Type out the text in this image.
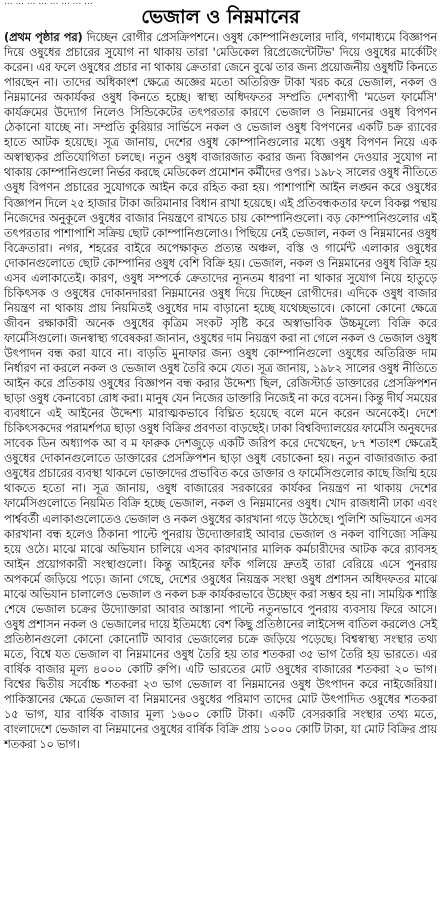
... ... ... ... ... ... ... ...
ভেজাল ও নিম্নমানের
(প্রথম পৃষ্ঠার পর) দিচ্ছেন রোগীর প্রেসক্রিপশনে। ওষুধ কোম্পানিগুলোর দাবি, গণমাধ্যমে বিজ্ঞাপন দিয়ে ওষুধের প্রচারের সুযোগ না থাকায় তারা 'মেডিকেল রিপ্রেজেন্টেটিভ' দিয়ে ওষুধের মার্কেটিং করেন। এর ফলে ওষুধের প্রচার না থাকায় ক্রেতারা জেনে বুঝে তার জন্য প্রয়োজনীয় ওষুধটি কিনতে পারছেন না। তাদের অধিকাংশ ক্ষেত্রে অজ্ঞের মতো অতিরিক্ত টাকা খরচ করে ভেজাল, নকল ও নিম্নমানের অকার্যকর ওষুধ কিনতে হচ্ছে। স্বাস্থ্য অধিদফতর সম্প্রতি দেশব্যাপী 'মডেল ফার্মেসি' কার্যক্রমের উদ্যোগ নিলেও সিন্ডিকেটের তৎপরতার কারণে ভেজাল ও নিম্নমানের ওষুধ বিপণন ঠেকানো যাচ্ছে না। সম্প্রতি কুরিয়ার সার্ভিসে নকল ও ভেজাল ওষুধ বিপণনের একটি চক্র র‌্যাবের হাতে আটক হয়েছে। সূত্র জানায়, দেশের ওষুধ কোম্পানিগুলোর মধ্যে ওষুধ বিপণন নিয়ে এক অস্বাস্থ্যকর প্রতিযোগিতা চলছে। নতুন ওষুধ বাজারজাত করার জন্য বিজ্ঞাপন দেওয়ার সুযোগ না থাকায় কোম্পানিগুলো নির্ভর করছে মেডিকেল প্রমোশন কর্মীদের ওপর। ১৯৮২ সালের ওষুধ নীতিতে ওষুধ বিপণন প্রচারের সুযোগকে আইন করে রহিত করা হয়। পাশাপাশি আইন লঙ্ঘন করে ওষুধের বিজ্ঞাপন দিলে ২৫ হাজার টাকা জরিমানার বিধান রাখা হয়েছে। এই প্রতিবন্ধকতার ফলে বিকল্প পন্থায় নিজেদের অনুকূলে ওষুধের বাজার নিয়ন্ত্রণে রাখতে চায় কোম্পানিগুলো। বড় কোম্পানিগুলোর এই তৎপরতার পাশাপাশি সক্রিয় ছোট কোম্পানিগুলোও। পিছিয়ে নেই ভেজাল, নকল ও নিম্নমানের ওষুধ বিক্রেতারা। নগর, শহরের বাইরে অপেক্ষাকৃত প্রত্যন্ত অঞ্চল, বস্তি ও গার্মেন্ট এলাকার ওষুধের দোকানগুলোতে ছোট কোম্পানির ওষুধ বেশি বিক্রি হয়। ভেজাল, নকল ও নিম্নমানের ওষুধ বিক্রি হয় এসব এলাকাতেই। কারণ, ওষুধ সম্পর্কে ক্রেতাদের ন্যূনতম ধারণা না থাকার সুযোগ নিয়ে হাতুড়ে চিকিৎসক ও ওষুধের দোকানদাররা নিম্নমানের ওষুধ দিয়ে দিচ্ছেন রোগীদের। এদিকে ওষুধ বাজার নিয়ন্ত্রণ না থাকায় প্রায় নিয়মিতই ওষুধের দাম বাড়ানো হচ্ছে যথেচ্ছভাবে। কোনো কোনো ক্ষেত্রে জীবন রক্ষাকারী অনেক ওষুধের কৃত্রিম সংকট সৃষ্টি করে অস্বাভাবিক উচ্চমূল্যে বিক্রি করে ফার্মেসিগুলো। জনস্বাস্থ্য গবেষকরা জানান, ওষুধের দাম নিয়ন্ত্রণ করা না গেলে নকল ও ভেজাল ওষুধ উৎপাদন বন্ধ করা যাবে না। বাড়তি মুনাফার জন্য ওষুধ কোম্পানিগুলো ওষুধের অতিরিক্ত দাম নির্ধারণ না করলে নকল ও ভেজাল ওষুধ তৈরি কমে যেত। সূত্র জানায়, ১৯৮২ সালের ওষুধ নীতিতে আইন করে প্রতিকায় ওষুধের বিজ্ঞাপন বন্ধ করার উদ্দেশ্য ছিল, রেজিস্টার্ড ডাক্তারের প্রেসক্রিপশন ছাড়া ওষুধ কেনাবেচা রোধ করা। মানুষ যেন নিজের ডাক্তারি নিজেই না করে বসেন। কিন্তু দীর্ঘ সময়ের ব্যবধানে এই আইনের উদ্দেশ্য মারাত্মকভাবে বিঘ্নিত হয়েছে বলে মনে করেন অনেকেই। দেশে চিকিৎসকদের পরামর্শপত্র ছাড়া ওষুধ বিক্রির প্রবণতা বাড়ছেই। ঢাকা বিশ্ববিদ্যালয়ের ফার্মেসি অনুষদের সাবেক ডিন অধ্যাপক আ ব ম ফারুক দেশজুড়ে একটি জরিপ করে দেখেছেন, ৮৭ শতাংশ ক্ষেত্রেই ওষুধের দোকানগুলোতে ডাক্তারের প্রেসক্রিপশন ছাড়া ওষুধ বেচাকেনা হয়। নতুন বাজারজাত করা ওষুধের প্রচারের ব্যবস্থা থাকলে ভোক্তাদের প্রভাবিত করে ডাক্তার ও ফার্মেসিগুলোর কাছে জিম্মি হয়ে থাকতে হতো না। সূত্র জানায়, ওষুধ বাজারের সরকারের কার্যকর নিয়ন্ত্রণ না থাকায় দেশের ফার্মেসিগুলোতে নিয়মিত বিক্রি হচ্ছে ভেজাল, নকল ও নিম্নমানের ওষুধ। খোদ রাজধানী ঢাকা এবং পার্শ্ববর্তী এলাকাগুলোতেও ভেজাল ও নকল ওষুধের কারখানা গড়ে উঠেছে। পুলিশি অভিযানে এসব কারখানা বন্ধ হলেও ঠিকানা পাল্টে পুনরায় উদ্যোক্তারাই আবার ভেজাল ও নকল বাণিজ্যে সক্রিয় হয়ে ওঠে। মাঝে মাঝে অভিযান চালিয়ে এসব কারখানার মালিক কর্মচারীদের আটক করে র‌্যাবসহ আইন প্রয়োগকারী সংস্থাগুলো। কিন্তু আইনের ফাঁক গলিয়ে দ্রুতই তারা বেরিয়ে এসে পুনরায় অপকর্মে জড়িয়ে পড়ে। জানা গেছে, দেশের ওষুধের নিয়ন্ত্রক সংস্থা ওষুধ প্রশাসন অধিদফতর মাঝে মাঝে অভিযান চালালেও ভেজাল ও নকল চক্র কার্যকরভাবে উচ্ছেদ করা সম্ভব হয় না। সাময়িক শাস্তি শেষে ভেজাল চক্রের উদ্যোক্তারা আবার আস্তানা পাল্টে নতুনভাবে পুনরায় ব্যবসায় ফিরে আসে। ওষুধ প্রশাসন নকল ও ভেজালের দায়ে ইতিমধ্যে বেশ কিছু প্রতিষ্ঠানের লাইসেন্স বাতিল করলেও সেই প্রতিষ্ঠানগুলো কোনো কোনোটি আবার ভেজালের চক্রে জড়িয়ে পড়েছে। বিশ্বস্বাস্থ্য সংস্থার তথ্য মতে, বিশ্বে যত ভেজাল বা নিম্নমানের ওষুধ তৈরি হয় তার শতকরা ৩৫ ভাগ তৈরি হয় ভারতে। এর বার্ষিক বাজার মূল্য ৪০০০ কোটি রুপি। এটি ভারতের মোট ওষুধের বাজারের শতকরা ২০ ভাগ। বিশ্বের দ্বিতীয় সর্বোচ্চ শতকরা ২৩ ভাগ ভেজাল বা নিম্নমানের ওষুধ উৎপাদন করে নাইজেরিয়া। পাকিস্তানের ক্ষেত্রে ভেজাল বা নিম্নমানের ওষুধের পরিমাণ তাদের মোট উৎপাদিত ওষুধের শতকরা ১৫ ভাগ, যার বার্ষিক বাজার মূল্য ১৬০০ কোটি টাকা। একটি বেসরকারি সংস্থার তথ্য মতে, বাংলাদেশে ভেজাল বা নিম্নমানের ওষুধের বার্ষিক বিক্রি প্রায় ১০০০ কোটি টাকা, যা মোট বিক্রির প্রায় শতকরা ১০ ভাগ।
